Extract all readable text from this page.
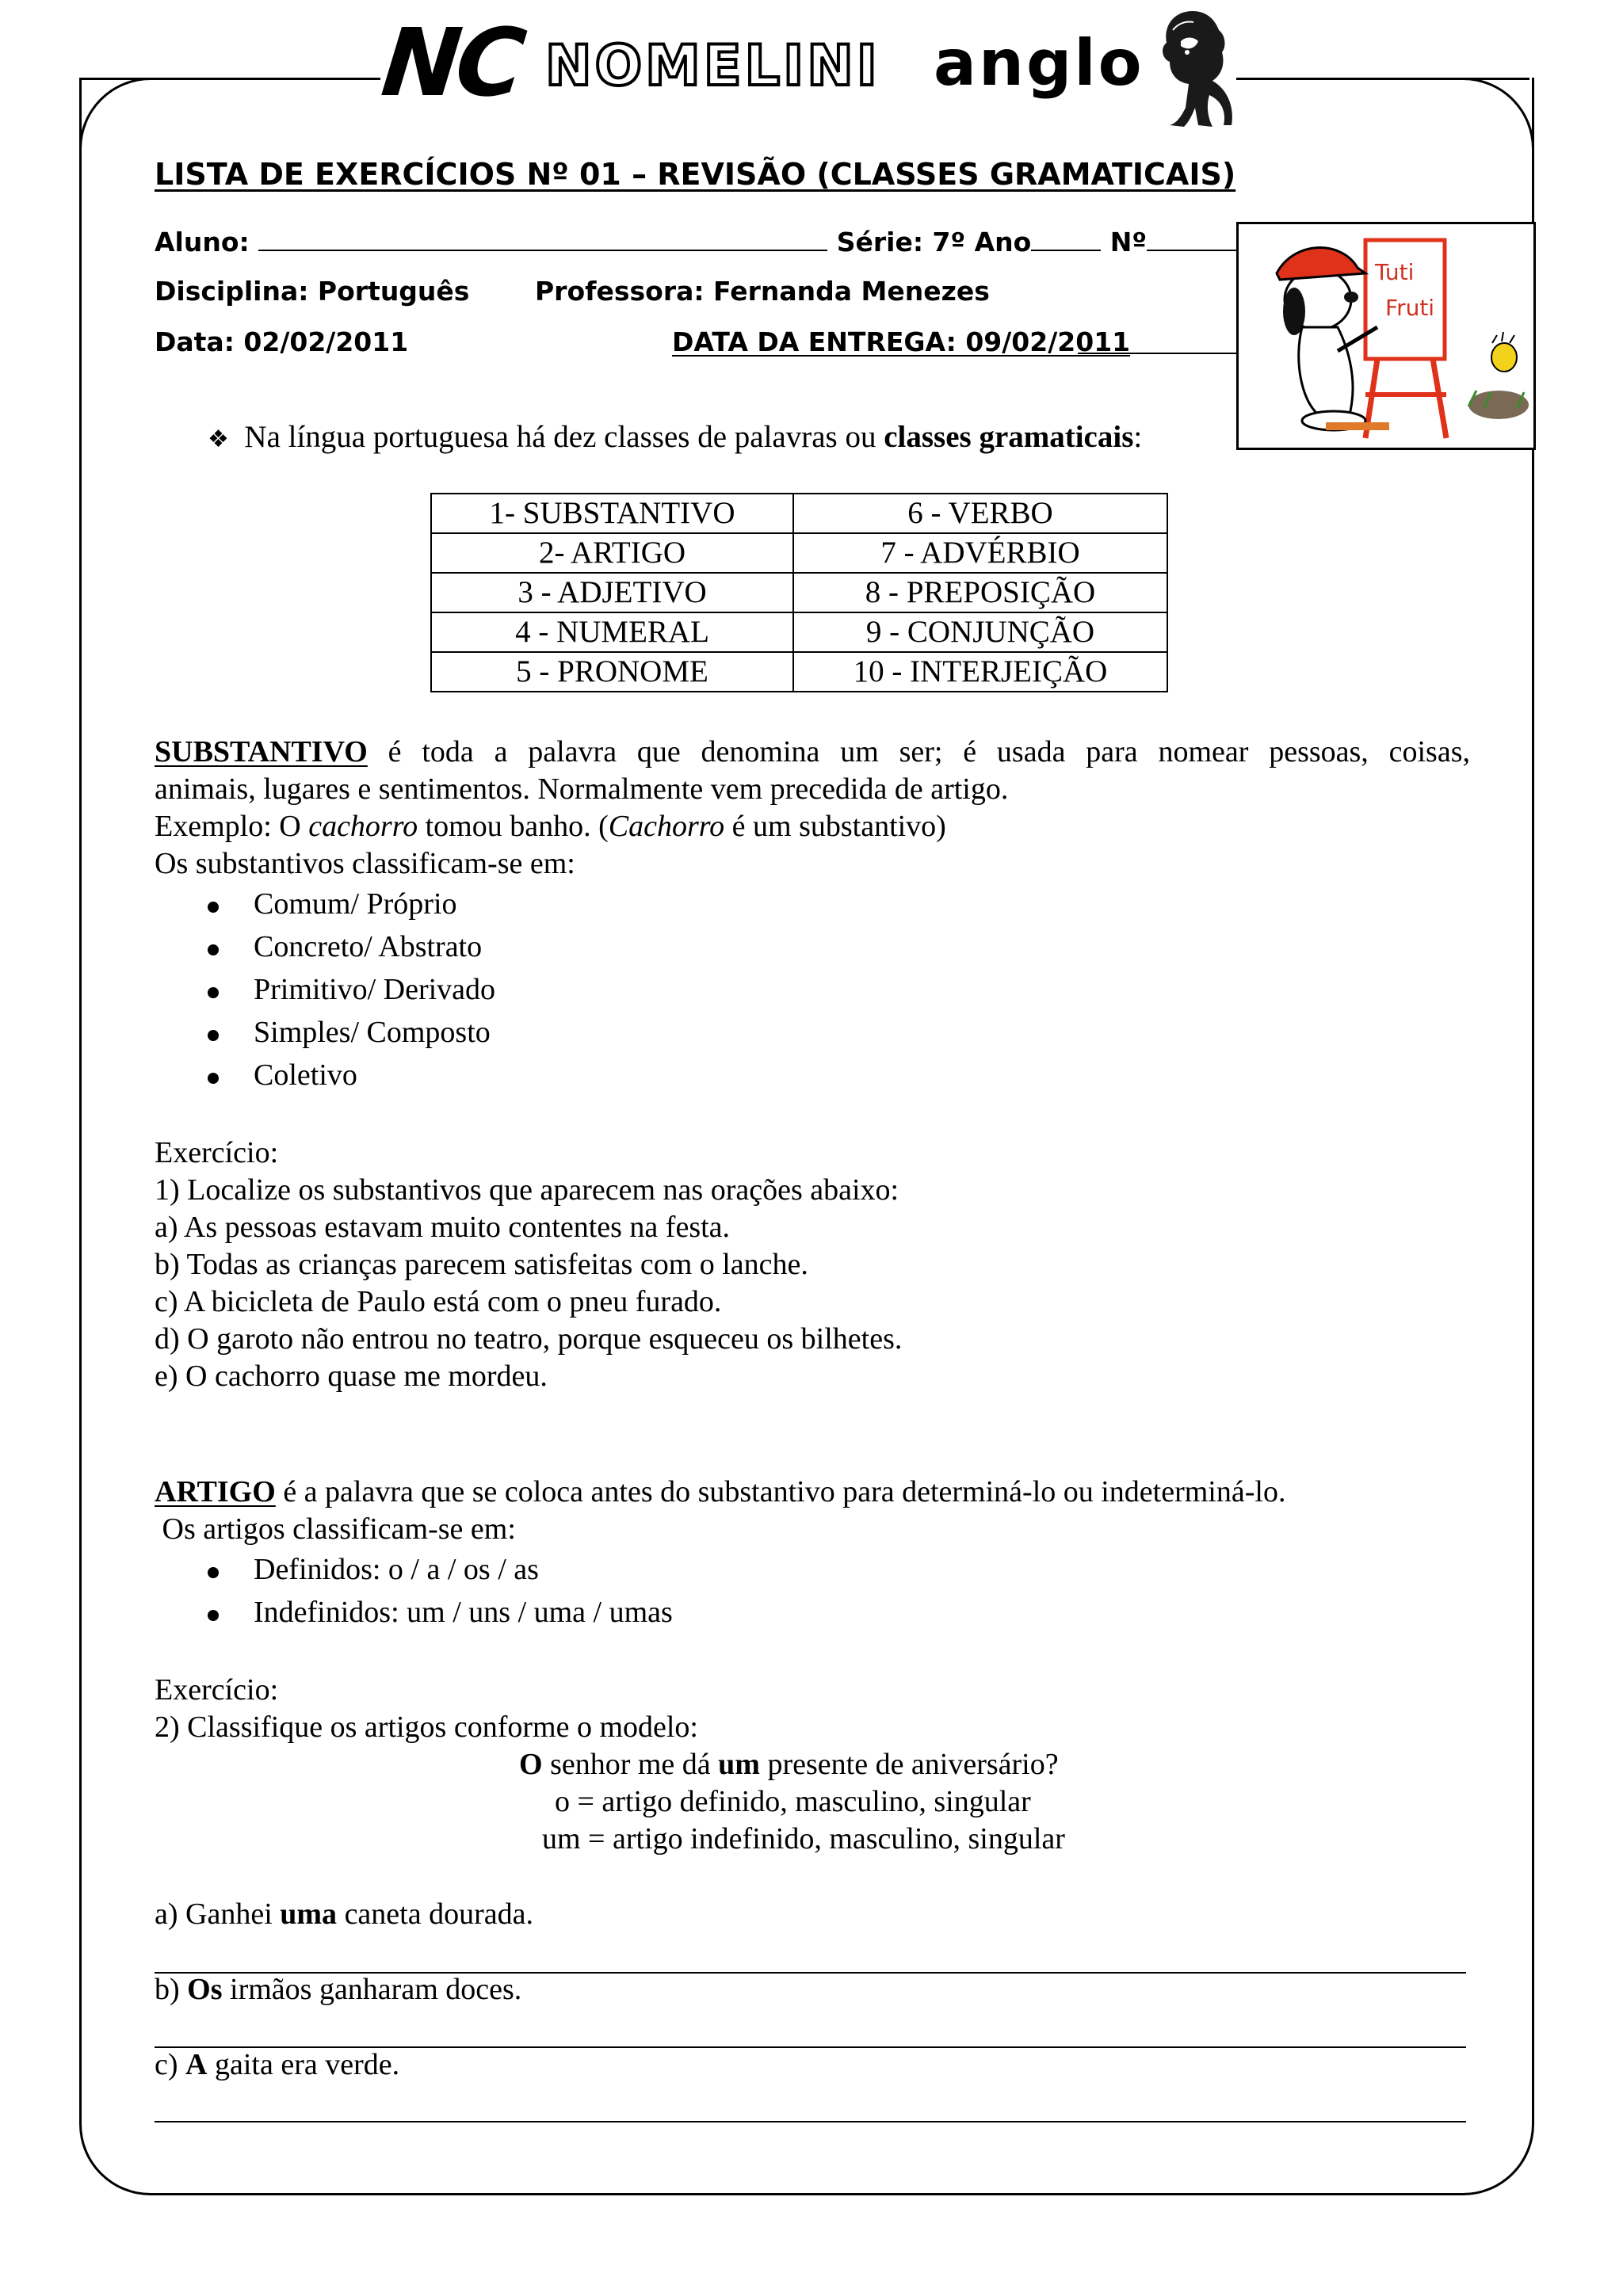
NC NOMELINI anglo
LISTA DE EXERCÍCIOS Nº 01 – REVISÃO (CLASSES GRAMATICAIS)
Aluno:	Série: 7º Ano	Nº
Disciplina: Português	Professora: Fernanda Menezes
Data: 02/02/2011	DATA DA ENTREGA: 09/02/2011
Tuti
Fruti
❖ Na língua portuguesa há dez classes de palavras ou classes gramaticais:
1- SUBSTANTIVO	6 - VERBO
2- ARTIGO	7 - ADVÉRBIO
3 - ADJETIVO	8 - PREPOSIÇÃO
4 - NUMERAL	9 - CONJUNÇÃO
5 - PRONOME	10 - INTERJEIÇÃO
SUBSTANTIVO é toda a palavra que denomina um ser; é usada para nomear pessoas, coisas,
animais, lugares e sentimentos. Normalmente vem precedida de artigo.
Exemplo: O cachorro tomou banho. (Cachorro é um substantivo)
Os substantivos classificam-se em:
Comum/ Próprio
Concreto/ Abstrato
Primitivo/ Derivado
Simples/ Composto
Coletivo
Exercício:
1) Localize os substantivos que aparecem nas orações abaixo:
a) As pessoas estavam muito contentes na festa.
b) Todas as crianças parecem satisfeitas com o lanche.
c) A bicicleta de Paulo está com o pneu furado.
d) O garoto não entrou no teatro, porque esqueceu os bilhetes.
e) O cachorro quase me mordeu.
ARTIGO é a palavra que se coloca antes do substantivo para determiná-lo ou indeterminá-lo.
Os artigos classificam-se em:
Definidos: o / a / os / as
Indefinidos: um / uns / uma / umas
Exercício:
2) Classifique os artigos conforme o modelo:
O senhor me dá um presente de aniversário?
o = artigo definido, masculino, singular
um = artigo indefinido, masculino, singular
a) Ganhei uma caneta dourada.
b) Os irmãos ganharam doces.
c) A gaita era verde.
